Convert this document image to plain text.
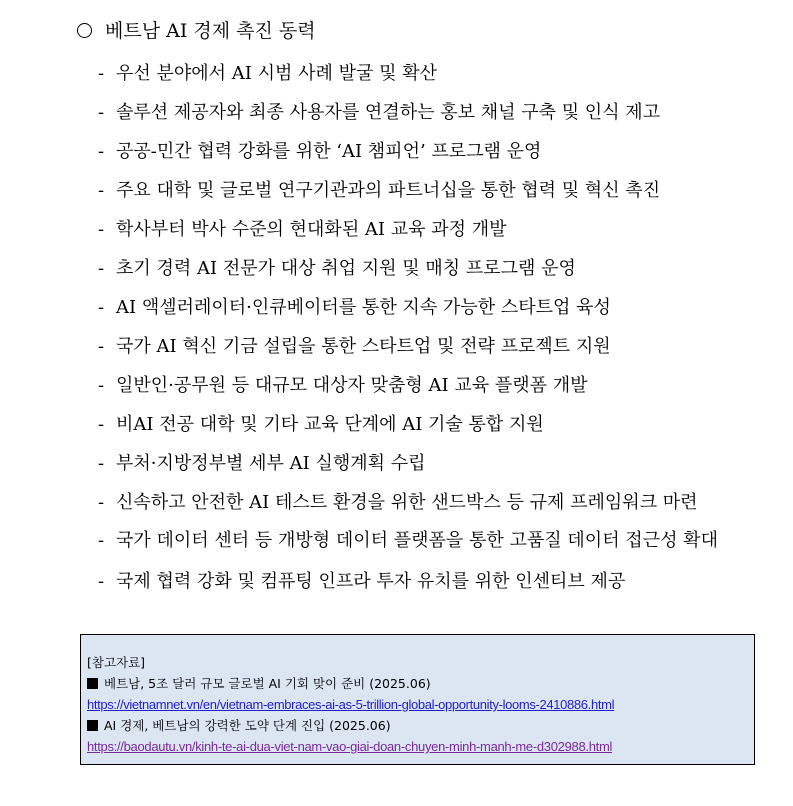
베트남 AI 경제 촉진 동력
- 우선 분야에서 AI 시범 사례 발굴 및 확산
- 솔루션 제공자와 최종 사용자를 연결하는 홍보 채널 구축 및 인식 제고
- 공공-민간 협력 강화를 위한 ‘AI 챔피언’ 프로그램 운영
- 주요 대학 및 글로벌 연구기관과의 파트너십을 통한 협력 및 혁신 촉진
- 학사부터 박사 수준의 현대화된 AI 교육 과정 개발
- 초기 경력 AI 전문가 대상 취업 지원 및 매칭 프로그램 운영
- AI 액셀러레이터·인큐베이터를 통한 지속 가능한 스타트업 육성
- 국가 AI 혁신 기금 설립을 통한 스타트업 및 전략 프로젝트 지원
- 일반인·공무원 등 대규모 대상자 맞춤형 AI 교육 플랫폼 개발
- 비AI 전공 대학 및 기타 교육 단계에 AI 기술 통합 지원
- 부처·지방정부별 세부 AI 실행계획 수립
- 신속하고 안전한 AI 테스트 환경을 위한 샌드박스 등 규제 프레임워크 마련
- 국가 데이터 센터 등 개방형 데이터 플랫폼을 통한 고품질 데이터 접근성 확대
- 국제 협력 강화 및 컴퓨팅 인프라 투자 유치를 위한 인센티브 제공
[참고자료]
베트남, 5조 달러 규모 글로벌 AI 기회 맞이 준비 (2025.06)
https://vietnamnet.vn/en/vietnam-embraces-ai-as-5-trillion-global-opportunity-looms-2410886.html
AI 경제, 베트남의 강력한 도약 단계 진입 (2025.06)
https://baodautu.vn/kinh-te-ai-dua-viet-nam-vao-giai-doan-chuyen-minh-manh-me-d302988.html
